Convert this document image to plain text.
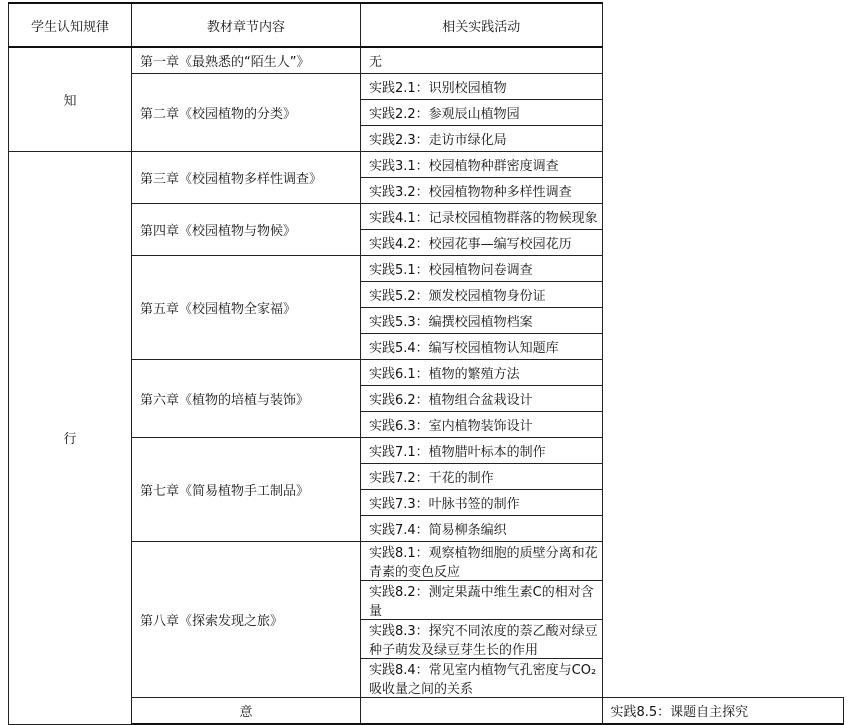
学生认知规律	教材章节内容	相关实践活动	
知	第一章《最熟悉的“陌生人”》	无	
	第二章《校园植物的分类》	实践2.1：识别校园植物	
		实践2.2：参观辰山植物园	
		实践2.3：走访市绿化局	
行	第三章《校园植物多样性调查》	实践3.1：校园植物种群密度调查	
		实践3.2：校园植物物种多样性调查	
	第四章《校园植物与物候》	实践4.1：记录校园植物群落的物候现象	
		实践4.2：校园花事—编写校园花历	
	第五章《校园植物全家福》	实践5.1：校园植物问卷调查	
		实践5.2：颁发校园植物身份证	
		实践5.3：编撰校园植物档案	
		实践5.4：编写校园植物认知题库	
	第六章《植物的培植与装饰》	实践6.1：植物的繁殖方法	
		实践6.2：植物组合盆栽设计	
		实践6.3：室内植物装饰设计	
	第七章《简易植物手工制品》	实践7.1：植物腊叶标本的制作	
		实践7.2：干花的制作	
		实践7.3：叶脉书签的制作	
		实践7.4：简易柳条编织	
	第八章《探索发现之旅》	实践8.1：观察植物细胞的质壁分离和花青素的变色反应	
		实践8.2：测定果蔬中维生素C的相对含量	
		实践8.3：探究不同浓度的萘乙酸对绿豆种子萌发及绿豆芽生长的作用	
		实践8.4：常见室内植物气孔密度与CO₂吸收量之间的关系	
	意		实践8.5：课题自主探究
